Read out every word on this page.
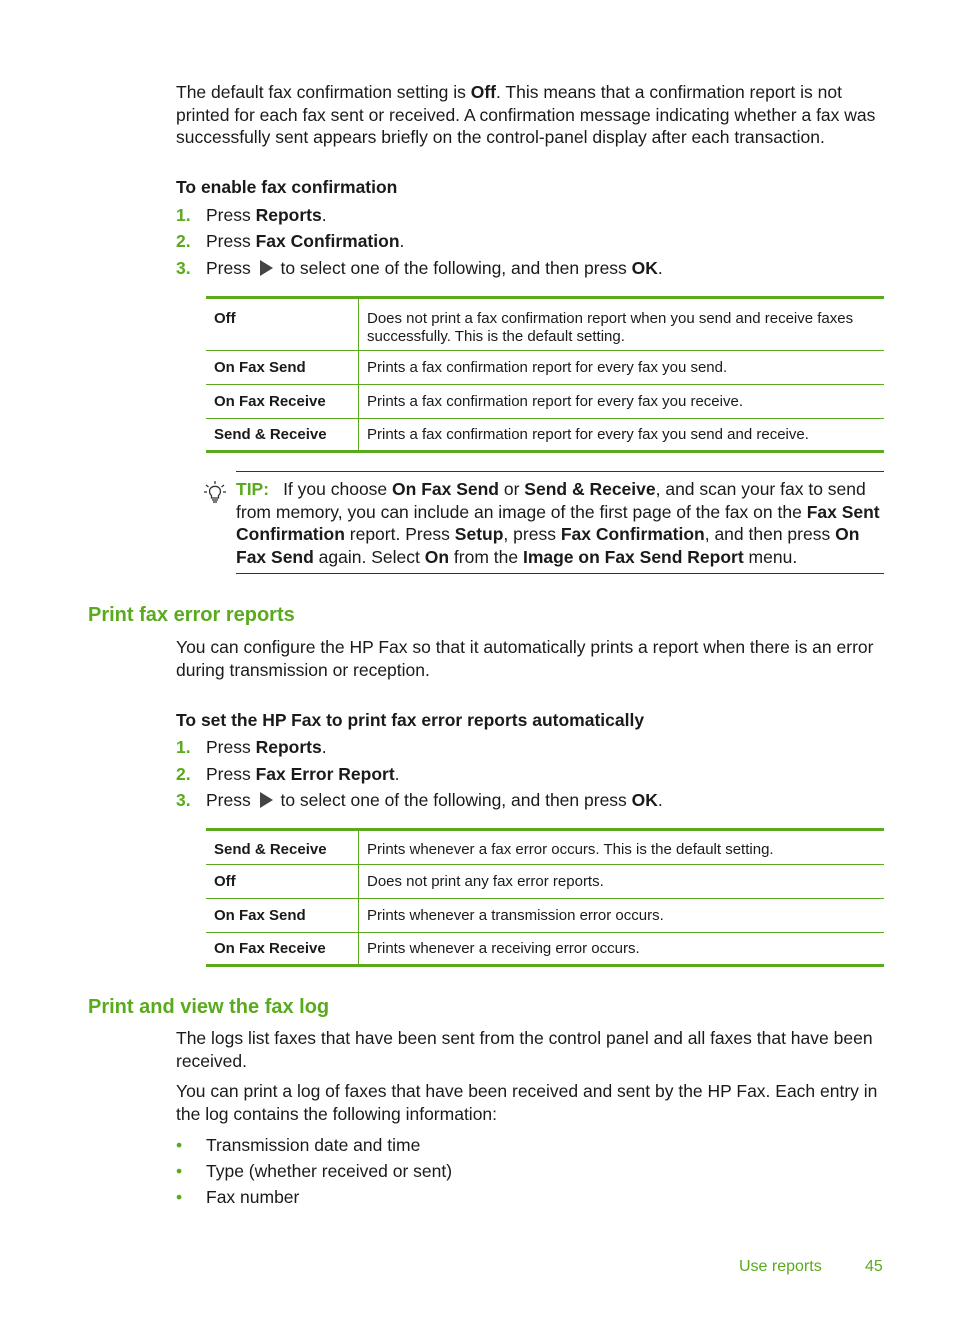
The default fax confirmation setting is Off. This means that a confirmation report is not printed for each fax sent or received. A confirmation message indicating whether a fax was successfully sent appears briefly on the control-panel display after each transaction.
To enable fax confirmation
1. Press Reports.
2. Press Fax Confirmation.
3. Press  to select one of the following, and then press OK.
Off	Does not print a fax confirmation report when you send and receive faxes successfully. This is the default setting.
On Fax Send	Prints a fax confirmation report for every fax you send.
On Fax Receive	Prints a fax confirmation report for every fax you receive.
Send & Receive	Prints a fax confirmation report for every fax you send and receive.
TIP: If you choose On Fax Send or Send & Receive, and scan your fax to send from memory, you can include an image of the first page of the fax on the Fax Sent Confirmation report. Press Setup, press Fax Confirmation, and then press On Fax Send again. Select On from the Image on Fax Send Report menu.
Print fax error reports
You can configure the HP Fax so that it automatically prints a report when there is an error during transmission or reception.
To set the HP Fax to print fax error reports automatically
1. Press Reports.
2. Press Fax Error Report.
3. Press  to select one of the following, and then press OK.
Send & Receive	Prints whenever a fax error occurs. This is the default setting.
Off	Does not print any fax error reports.
On Fax Send	Prints whenever a transmission error occurs.
On Fax Receive	Prints whenever a receiving error occurs.
Print and view the fax log
The logs list faxes that have been sent from the control panel and all faxes that have been received.
You can print a log of faxes that have been received and sent by the HP Fax. Each entry in the log contains the following information:
• Transmission date and time
• Type (whether received or sent)
• Fax number
Use reports	45
